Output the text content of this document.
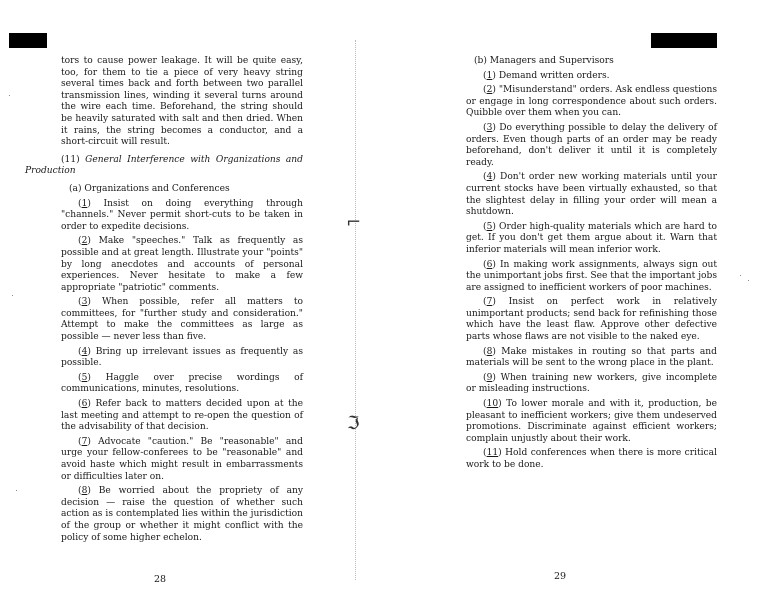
⌐
ℑ

tors to cause power leakage. It will be quite easy, too, for them to tie a piece of very heavy string several times back and forth between two parallel transmission lines, winding it several turns around the wire each time. Beforehand, the string should be heavily saturated with salt and then dried. When it rains, the string becomes a conductor, and a short-circuit will result.

(11) General Interference with Organizations and Production

(a) Organizations and Conferences

(1) Insist on doing everything through "channels." Never permit short-cuts to be taken in order to expedite decisions.

(2) Make "speeches." Talk as frequently as possible and at great length. Illustrate your "points" by long anecdotes and accounts of personal experiences. Never hesitate to make a few appropriate "patriotic" comments.

(3) When possible, refer all matters to committees, for "further study and consideration." Attempt to make the committees as large as possible — never less than five.

(4) Bring up irrelevant issues as frequently as possible.

(5) Haggle over precise wordings of communications, minutes, resolutions.

(6) Refer back to matters decided upon at the last meeting and attempt to re-open the question of the advisability of that decision.

(7) Advocate "caution." Be "reasonable" and urge your fellow-conferees to be "reasonable" and avoid haste which might result in embarrassments or difficulties later on.

(8) Be worried about the propriety of any decision — raise the question of whether such action as is contemplated lies within the jurisdiction of the group or whether it might conflict with the policy of some higher echelon.

28

(b) Managers and Supervisors

(1) Demand written orders.

(2) "Misunderstand" orders. Ask endless questions or engage in long correspondence about such orders. Quibble over them when you can.

(3) Do everything possible to delay the delivery of orders. Even though parts of an order may be ready beforehand, don't deliver it until it is completely ready.

(4) Don't order new working materials until your current stocks have been virtually exhausted, so that the slightest delay in filling your order will mean a shutdown.

(5) Order high-quality materials which are hard to get. If you don't get them argue about it. Warn that inferior materials will mean inferior work.

(6) In making work assignments, always sign out the unimportant jobs first. See that the important jobs are assigned to inefficient workers of poor machines.

(7) Insist on perfect work in relatively unimportant products; send back for refinishing those which have the least flaw. Approve other defective parts whose flaws are not visible to the naked eye.

(8) Make mistakes in routing so that parts and materials will be sent to the wrong place in the plant.

(9) When training new workers, give incomplete or misleading instructions.

(10) To lower morale and with it, production, be pleasant to inefficient workers; give them undeserved promotions. Discriminate against efficient workers; complain unjustly about their work.

(11) Hold conferences when there is more critical work to be done.

29
